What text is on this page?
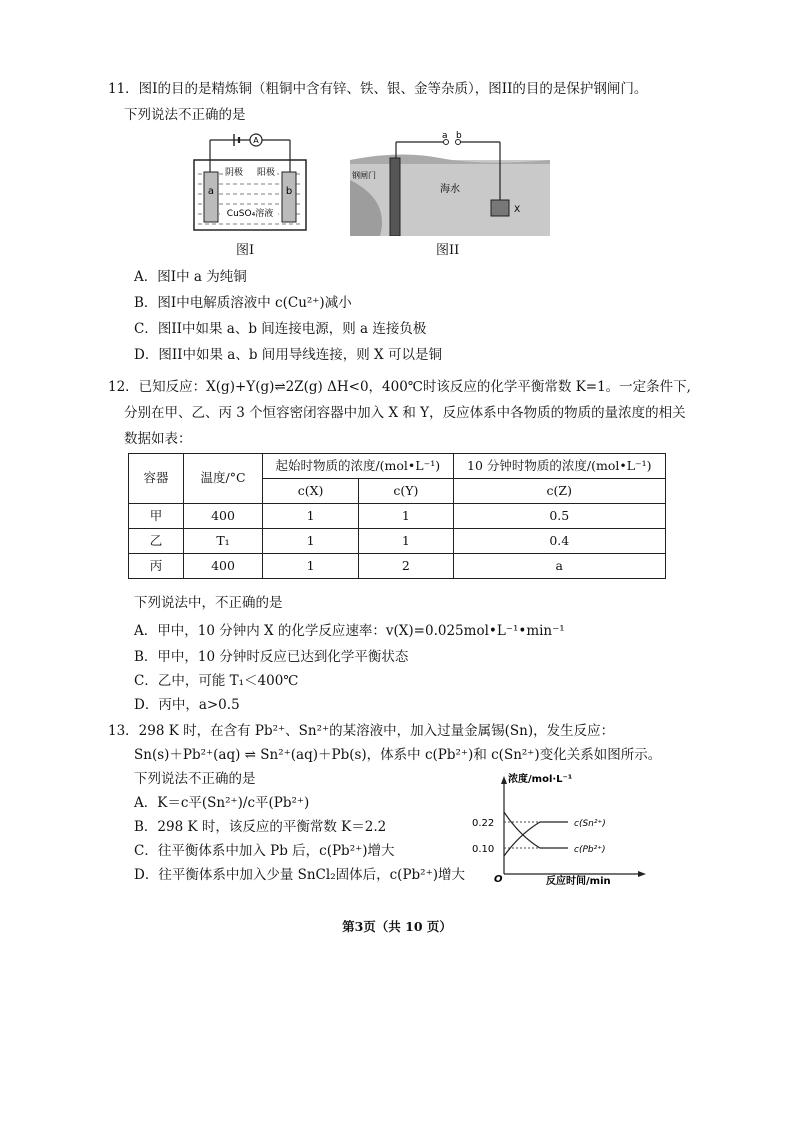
11．图I的目的是精炼铜（粗铜中含有锌、铁、银、金等杂质），图II的目的是保护钢闸门。
下列说法不正确的是
A
阴极 阳极
a	b
CuSO₄溶液
图I
a b
钢闸门
海水
X
图II
A．图I中 a 为纯铜
B．图I中电解质溶液中 c(Cu²⁺)减小
C．图II中如果 a、b 间连接电源，则 a 连接负极
D．图II中如果 a、b 间用导线连接，则 X 可以是铜
12．已知反应：X(g)+Y(g)⇌2Z(g) ΔH<0，400℃时该反应的化学平衡常数 K=1。一定条件下,
分别在甲、乙、丙 3 个恒容密闭容器中加入 X 和 Y，反应体系中各物质的物质的量浓度的相关
数据如表：
容器	温度/°C	起始时物质的浓度/(mol•L⁻¹)		10 分钟时物质的浓度/(mol•L⁻¹)
		c(X)	c(Y)	c(Z)
甲	400	1	1	0.5
乙	T₁	1	1	0.4
丙	400	1	2	a
下列说法中，不正确的是
A．甲中，10 分钟内 X 的化学反应速率：v(X)=0.025mol•L⁻¹•min⁻¹
B．甲中，10 分钟时反应已达到化学平衡状态
C．乙中，可能 T₁＜400℃
D．丙中，a>0.5
13．298 K 时，在含有 Pb²⁺、Sn²⁺的某溶液中，加入过量金属锡(Sn)，发生反应：
Sn(s)＋Pb²⁺(aq) ⇌ Sn²⁺(aq)＋Pb(s)，体系中 c(Pb²⁺)和 c(Sn²⁺)变化关系如图所示。
下列说法不正确的是
A．K＝c平(Sn²⁺)/c平(Pb²⁺)
B．298 K 时，该反应的平衡常数 K＝2.2
C．往平衡体系中加入 Pb 后，c(Pb²⁺)增大
D．往平衡体系中加入少量 SnCl₂固体后，c(Pb²⁺)增大
浓度/mol·L⁻¹
0.22
0.10
O	反应时间/min
c(Sn²⁺)
c(Pb²⁺)
第3页（共 10 页）
